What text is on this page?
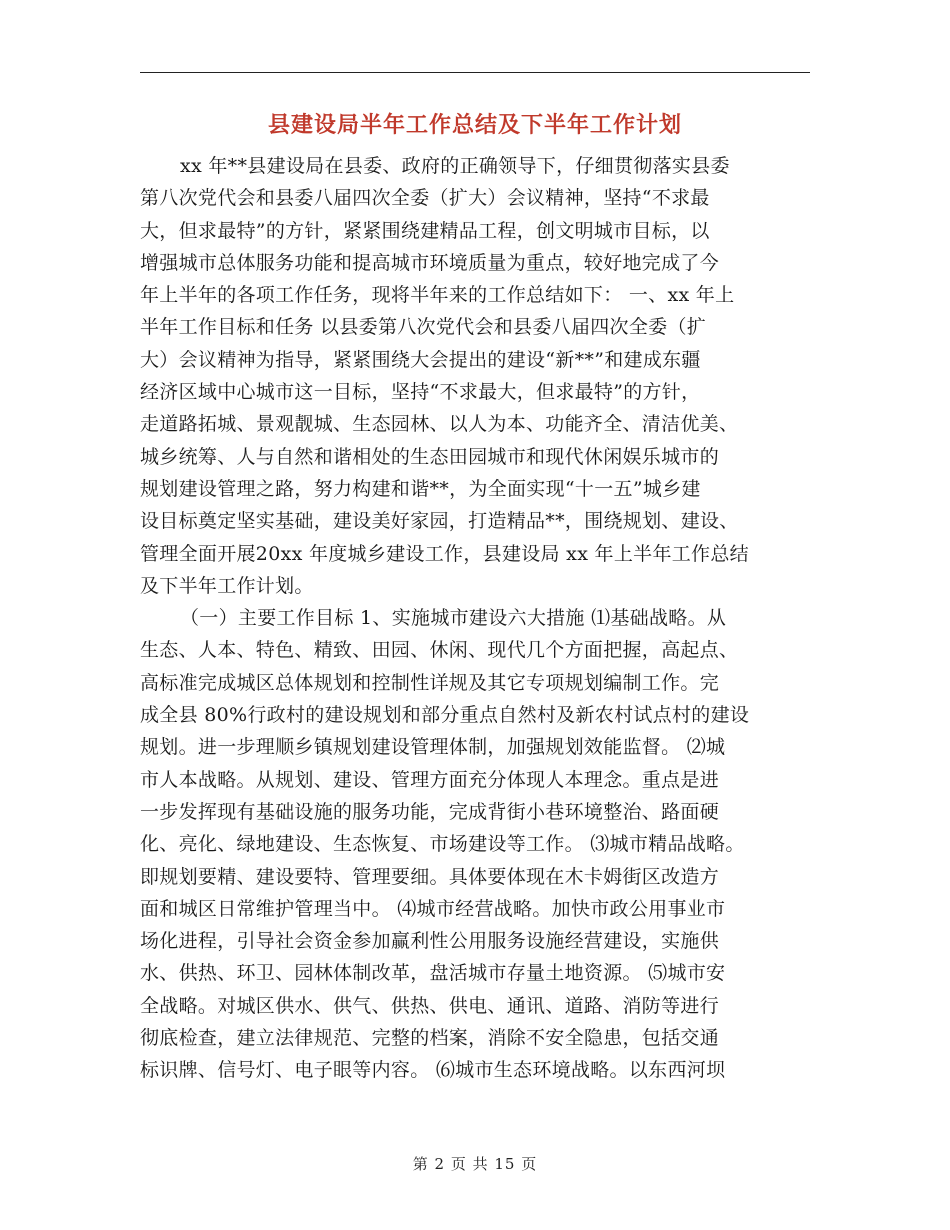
县建设局半年工作总结及下半年工作计划
xx 年**县建设局在县委、政府的正确领导下，仔细贯彻落实县委
第八次党代会和县委八届四次全委（扩大）会议精神，坚持“不求最
大，但求最特”的方针，紧紧围绕建精品工程，创文明城市目标，以
增强城市总体服务功能和提高城市环境质量为重点，较好地完成了今
年上半年的各项工作任务，现将半年来的工作总结如下： 一、xx 年上
半年工作目标和任务 以县委第八次党代会和县委八届四次全委（扩
大）会议精神为指导，紧紧围绕大会提出的建设“新**”和建成东疆
经济区域中心城市这一目标，坚持“不求最大，但求最特”的方针，
走道路拓城、景观靓城、生态园林、以人为本、功能齐全、清洁优美、
城乡统筹、人与自然和谐相处的生态田园城市和现代休闲娱乐城市的
规划建设管理之路，努力构建和谐**，为全面实现“十一五”城乡建
设目标奠定坚实基础，建设美好家园，打造精品**，围绕规划、建设、
管理全面开展20xx 年度城乡建设工作，县建设局 xx 年上半年工作总结
及下半年工作计划。
（一）主要工作目标 1、实施城市建设六大措施 ⑴基础战略。从
生态、人本、特色、精致、田园、休闲、现代几个方面把握，高起点、
高标准完成城区总体规划和控制性详规及其它专项规划编制工作。完
成全县 80%行政村的建设规划和部分重点自然村及新农村试点村的建设
规划。进一步理顺乡镇规划建设管理体制，加强规划效能监督。 ⑵城
市人本战略。从规划、建设、管理方面充分体现人本理念。重点是进
一步发挥现有基础设施的服务功能，完成背街小巷环境整治、路面硬
化、亮化、绿地建设、生态恢复、市场建设等工作。 ⑶城市精品战略。
即规划要精、建设要特、管理要细。具体要体现在木卡姆街区改造方
面和城区日常维护管理当中。 ⑷城市经营战略。加快市政公用事业市
场化进程，引导社会资金参加赢利性公用服务设施经营建设，实施供
水、供热、环卫、园林体制改革，盘活城市存量土地资源。 ⑸城市安
全战略。对城区供水、供气、供热、供电、通讯、道路、消防等进行
彻底检查，建立法律规范、完整的档案，消除不安全隐患，包括交通
标识牌、信号灯、电子眼等内容。 ⑹城市生态环境战略。以东西河坝
第 2 页 共 15 页
